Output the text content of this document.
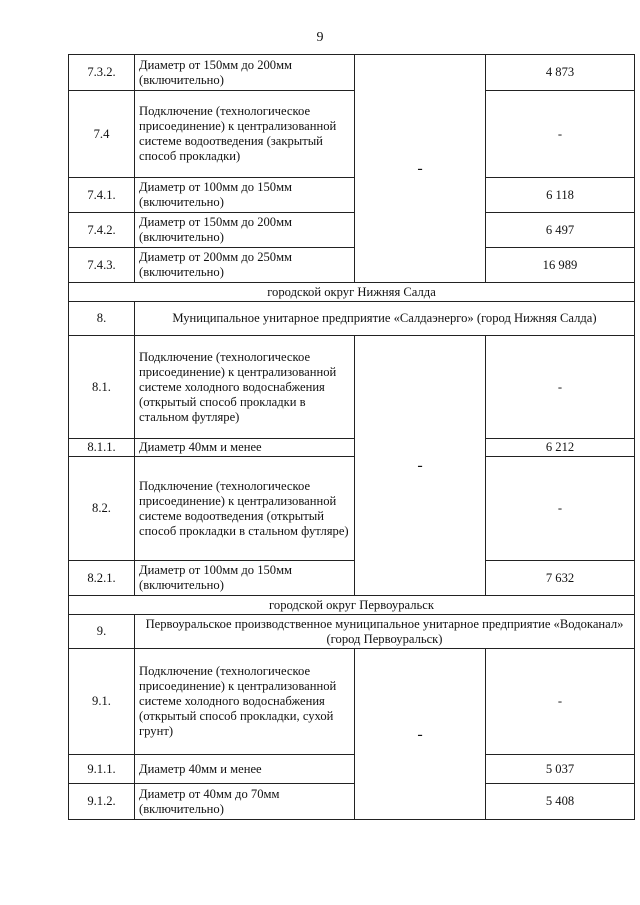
9
7.3.2.	Диаметр от 150мм до 200мм (включительно)	-	4 873
7.4	Подключение (технологическое присоединение) к централизованной системе водоотведения (закрытый способ прокладки)		-
7.4.1.	Диаметр от 100мм до 150мм (включительно)		6 118
7.4.2.	Диаметр от 150мм до 200мм (включительно)		6 497
7.4.3.	Диаметр от 200мм до 250мм (включительно)		16 989
городской округ Нижняя Салда			
8.	Муниципальное унитарное предприятие «Салдаэнерго» (город Нижняя Салда)		
8.1.	Подключение (технологическое присоединение) к централизованной системе холодного водоснабжения (открытый способ прокладки в стальном футляре)	-	-
8.1.1.	Диаметр 40мм и менее		6 212
8.2.	Подключение (технологическое присоединение) к централизованной системе водоотведения (открытый способ прокладки в стальном футляре)		-
8.2.1.	Диаметр от 100мм до 150мм (включительно)		7 632
городской округ Первоуральск			
9.	Первоуральское производственное муниципальное унитарное предприятие «Водоканал» (город Первоуральск)		
9.1.	Подключение (технологическое присоединение) к централизованной системе холодного водоснабжения (открытый способ прокладки, сухой грунт)	-	-
9.1.1.	Диаметр 40мм и менее		5 037
9.1.2.	Диаметр от 40мм до 70мм (включительно)		5 408
